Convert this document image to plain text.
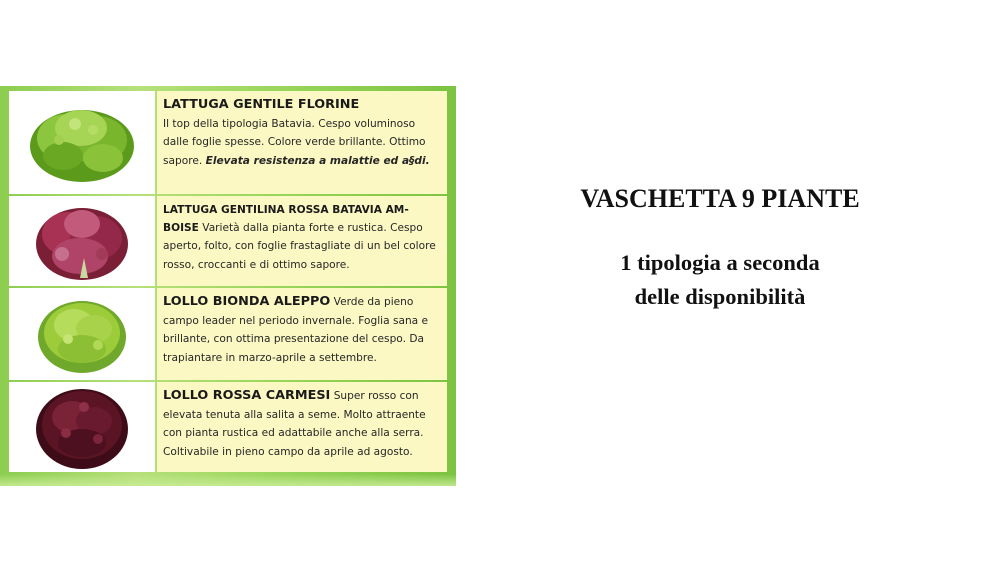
LATTUGA GENTILE FLORINE
Il top della tipologia Batavia. Cespo voluminoso dalle foglie spesse. Colore verde brillante. Ottimo sapore. Elevata resistenza a malattie ed a§di.
LATTUGA GENTILINA ROSSA BATAVIA AM-BOISE Varietà dalla pianta forte e rustica. Cespo aperto, folto, con foglie frastagliate di un bel colore rosso, croccanti e di ottimo sapore.
LOLLO BIONDA ALEPPO Verde da pieno campo leader nel periodo invernale. Foglia sana e brillante, con ottima presentazione del cespo. Da trapiantare in marzo-aprile a settembre.
LOLLO ROSSA CARMESI Super rosso con elevata tenuta alla salita a seme. Molto attraente con pianta rustica ed adattabile anche alla serra. Coltivabile in pieno campo da aprile ad agosto.
VASCHETTA 9 PIANTE
1 tipologia a seconda
delle disponibilità
